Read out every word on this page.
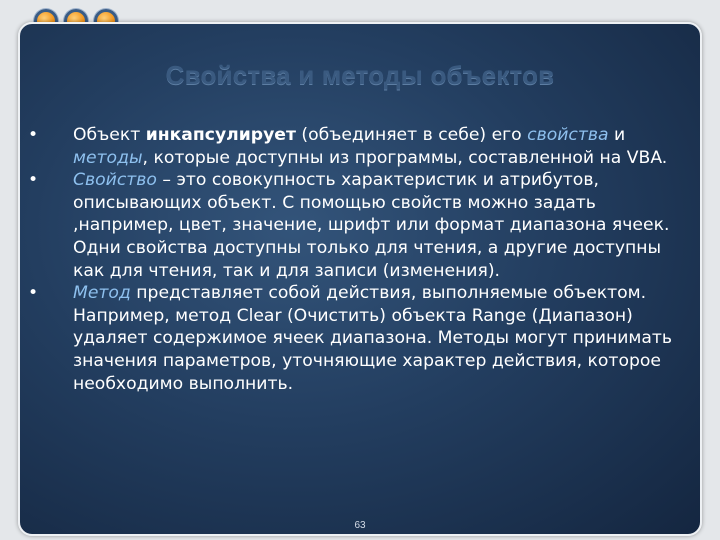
Свойства и методы объектов

•	Объект инкапсулирует (объединяет в себе) его свойства и методы, которые доступны из программы, составленной на VBA.

•	Свойство – это совокупность характеристик и атрибутов, описывающих объект. С помощью свойств можно задать ,например, цвет, значение, шрифт или формат диапазона ячеек. Одни свойства доступны только для чтения, а другие доступны как для чтения, так и для записи (изменения).

•	Метод представляет собой действия, выполняемые объектом. Например, метод Clear (Очистить) объекта Range (Диапазон) удаляет содержимое ячеек диапазона. Методы могут принимать значения параметров, уточняющие характер действия, которое необходимо выполнить.

63
